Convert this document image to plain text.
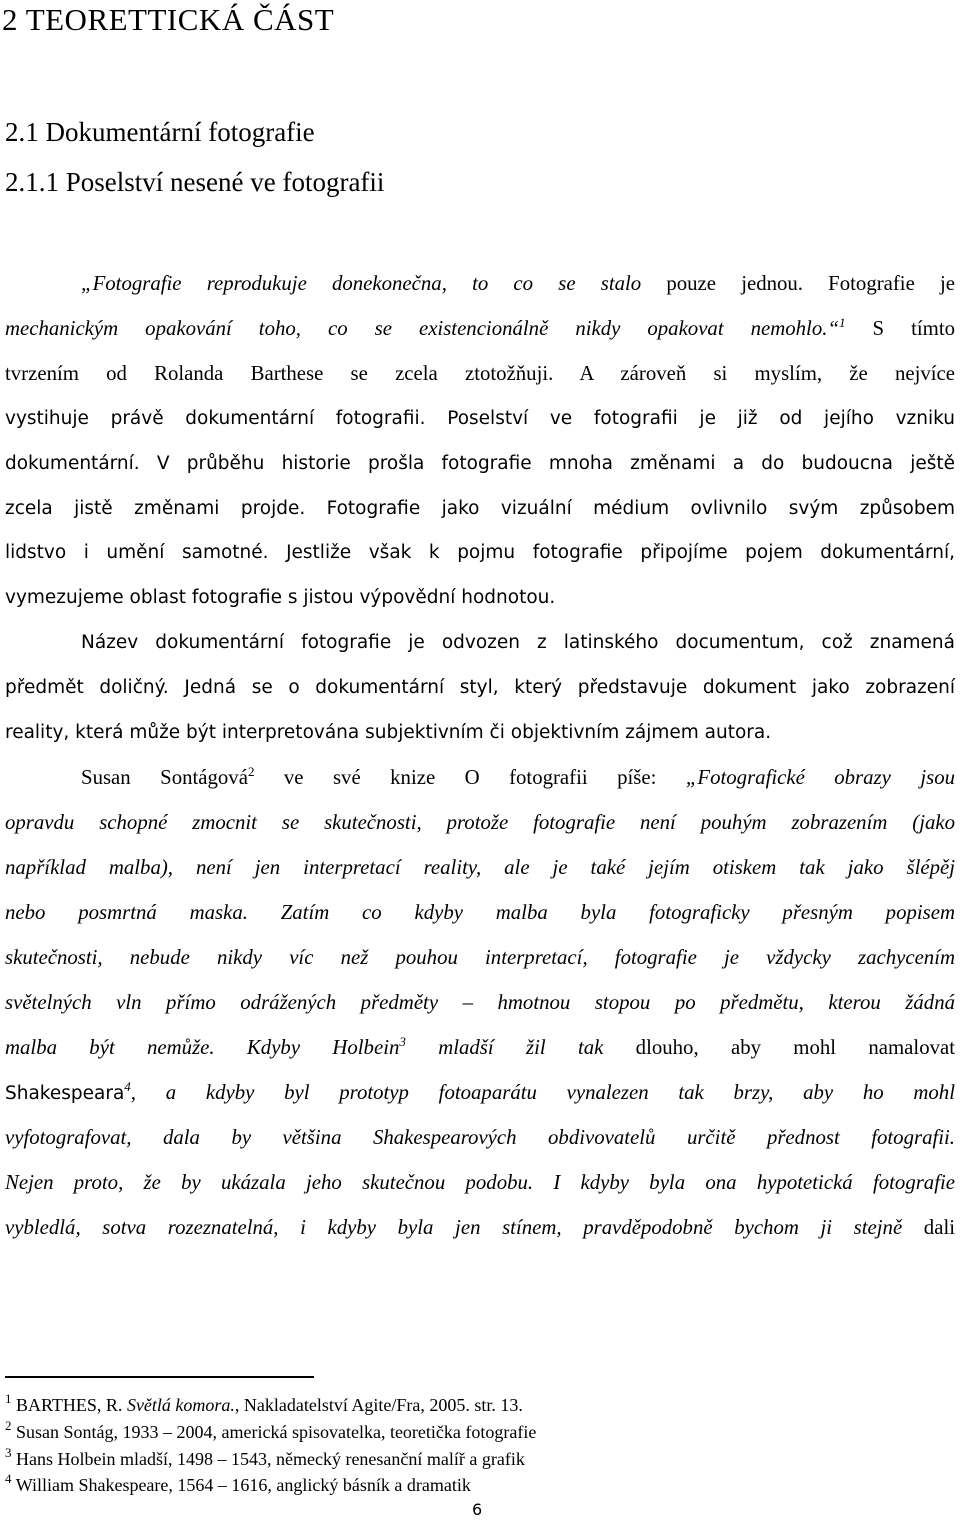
2 TEORETTICKÁ ČÁST
2.1 Dokumentární fotografie
2.1.1 Poselství nesené ve fotografii
„Fotografie reprodukuje donekonečna, to co se stalo pouze jednou. Fotografie je
mechanickým opakování toho, co se existencionálně nikdy opakovat nemohlo.“$^1$ S tímto
tvrzením od Rolanda Barthese se zcela ztotožňuji. A zároveň si myslím, že nejvíce
vystihuje právě dokumentární fotografii. Poselství ve fotografii je již od jejího vzniku
dokumentární. V průběhu historie prošla fotografie mnoha změnami a do budoucna ještě
zcela jistě změnami projde. Fotografie jako vizuální médium ovlivnilo svým způsobem
lidstvo i umění samotné. Jestliže však k pojmu fotografie připojíme pojem dokumentární,
vymezujeme oblast fotografie s jistou výpovědní hodnotou.
Název dokumentární fotografie je odvozen z latinského documentum, což znamená
předmět doličný. Jedná se o dokumentární styl, který představuje dokument jako zobrazení
reality, která může být interpretována subjektivním či objektivním zájmem autora.
Susan Sontágová$^2$ ve své knize O fotografii píše: „Fotografické obrazy jsou
opravdu schopné zmocnit se skutečnosti, protože fotografie není pouhým zobrazením (jako
například malba), není jen interpretací reality, ale je také jejím otiskem tak jako šlépěj
nebo posmrtná maska. Zatím co kdyby malba byla fotograficky přesným popisem
skutečnosti, nebude nikdy víc než pouhou interpretací, fotografie je vždycky zachycením
světelných vln přímo odrážených předměty – hmotnou stopou po předmětu, kterou žádná
malba být nemůže. Kdyby Holbein$^3$ mladší žil tak dlouho, aby mohl namalovat
Shakespeara$^4$, a kdyby byl prototyp fotoaparátu vynalezen tak brzy, aby ho mohl
vyfotografovat, dala by většina Shakespearových obdivovatelů určitě přednost fotografii.
Nejen proto, že by ukázala jeho skutečnou podobu. I kdyby byla ona hypotetická fotografie
vybledlá, sotva rozeznatelná, i kdyby byla jen stínem, pravděpodobně bychom ji stejně dali
$^1$ BARTHES, R. Světlá komora., Nakladatelství Agite/Fra, 2005. str. 13.
$^2$ Susan Sontág, 1933 – 2004, americká spisovatelka, teoretička fotografie
$^3$ Hans Holbein mladší, 1498 – 1543, německý renesanční malíř a grafik
$^4$ William Shakespeare, 1564 – 1616, anglický básník a dramatik
6
